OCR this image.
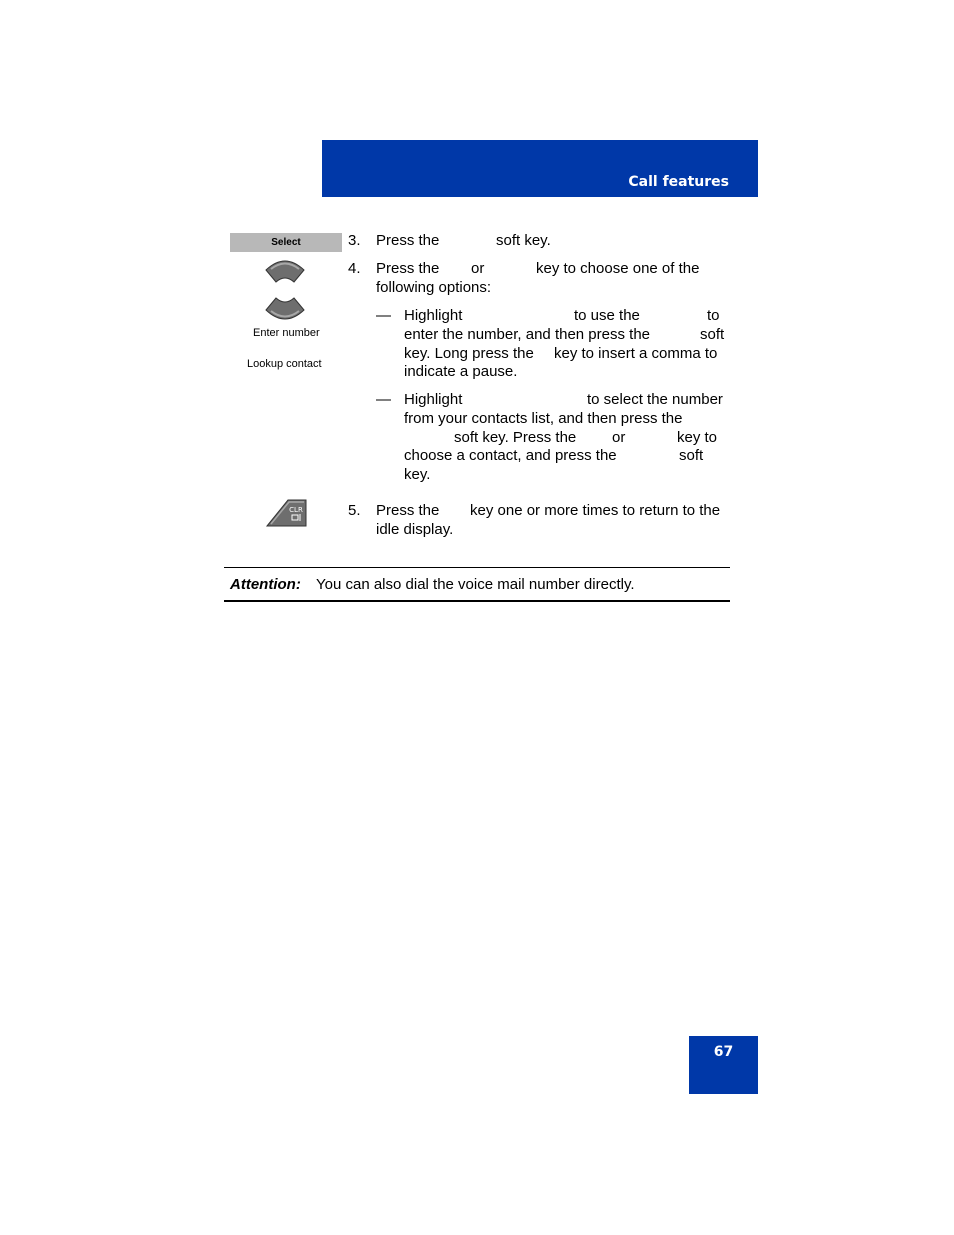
Call features
Select
Enter number
Lookup contact
CLR
3. Press the	soft key.
4. Press the or	key to choose one of the
following options:
— Highlight	to use the	to
enter the number, and then press the	soft
key. Long press the key to insert a comma to
indicate a pause.
— Highlight	to select the number
from your contacts list, and then press the
soft key. Press the or	key to
choose a contact, and press the	soft
key.
5. Press the key one or more times to return to the
idle display.
Attention: You can also dial the voice mail number directly.
67
